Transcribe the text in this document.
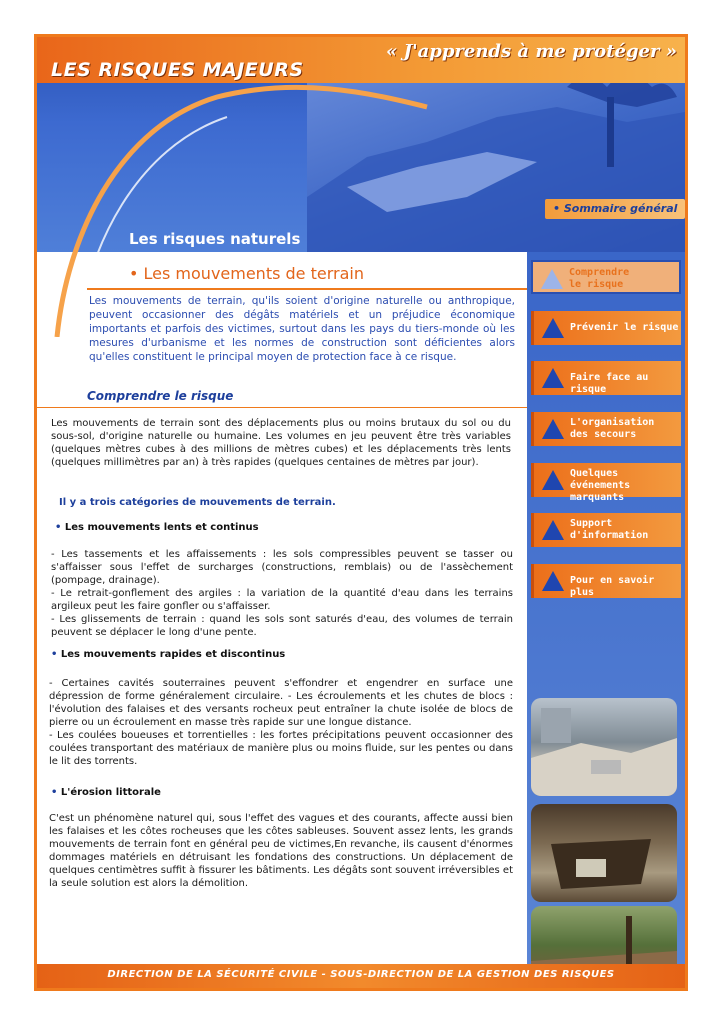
LES RISQUES MAJEURS
« J'apprends à me protéger »
• Sommaire général
Les risques naturels
Comprendre
le risque
Prévenir le risque
Faire face au risque
L'organisation
des secours
Quelques événements
marquants
Support
d'information
Pour en savoir plus
• Les mouvements de terrain

Les mouvements de terrain, qu'ils soient d'origine naturelle ou anthropique, peuvent occasionner des dégâts matériels et un préjudice économique importants et parfois des victimes, surtout dans les pays du tiers-monde où les mesures d'urbanisme et les normes de construction sont déficientes alors qu'elles constituent le principal moyen de protection face à ce risque.

Comprendre le risque

Les mouvements de terrain sont des déplacements plus ou moins brutaux du sol ou du sous-sol, d'origine naturelle ou humaine. Les volumes en jeu peuvent être très variables (quelques mètres cubes à des millions de mètres cubes) et les déplacements très lents (quelques millimètres par an) à très rapides (quelques centaines de mètres par jour).

Il y a trois catégories de mouvements de terrain.
• Les mouvements lents et continus

- Les tassements et les affaissements : les sols compressibles peuvent se tasser ou s'affaisser sous l'effet de surcharges (constructions, remblais) ou de l'assèchement (pompage, drainage).
- Le retrait-gonflement des argiles : la variation de la quantité d'eau dans les terrains argileux peut les faire gonfler ou s'affaisser.
- Les glissements de terrain : quand les sols sont saturés d'eau, des volumes de terrain peuvent se déplacer le long d'une pente.

• Les mouvements rapides et discontinus

- Certaines cavités souterraines peuvent s'effondrer et engendrer en surface une dépression de forme généralement circulaire. - Les écroulements et les chutes de blocs : l'évolution des falaises et des versants rocheux peut entraîner la chute isolée de blocs de pierre ou un écroulement en masse très rapide sur une longue distance.
- Les coulées boueuses et torrentielles : les fortes précipitations peuvent occasionner des coulées transportant des matériaux de manière plus ou moins fluide, sur les pentes ou dans le lit des torrents.

• L'érosion littorale

C'est un phénomène naturel qui, sous l'effet des vagues et des courants, affecte aussi bien les falaises et les côtes rocheuses que les côtes sableuses. Souvent assez lents, les grands mouvements de terrain font en général peu de victimes,En revanche, ils causent d'énormes dommages matériels en détruisant les fondations des constructions. Un déplacement de quelques centimètres suffit à fissurer les bâtiments. Les dégâts sont souvent irréversibles et la seule solution est alors la démolition.

DIRECTION DE LA SÉCURITÉ CIVILE - SOUS-DIRECTION DE LA GESTION DES RISQUES
